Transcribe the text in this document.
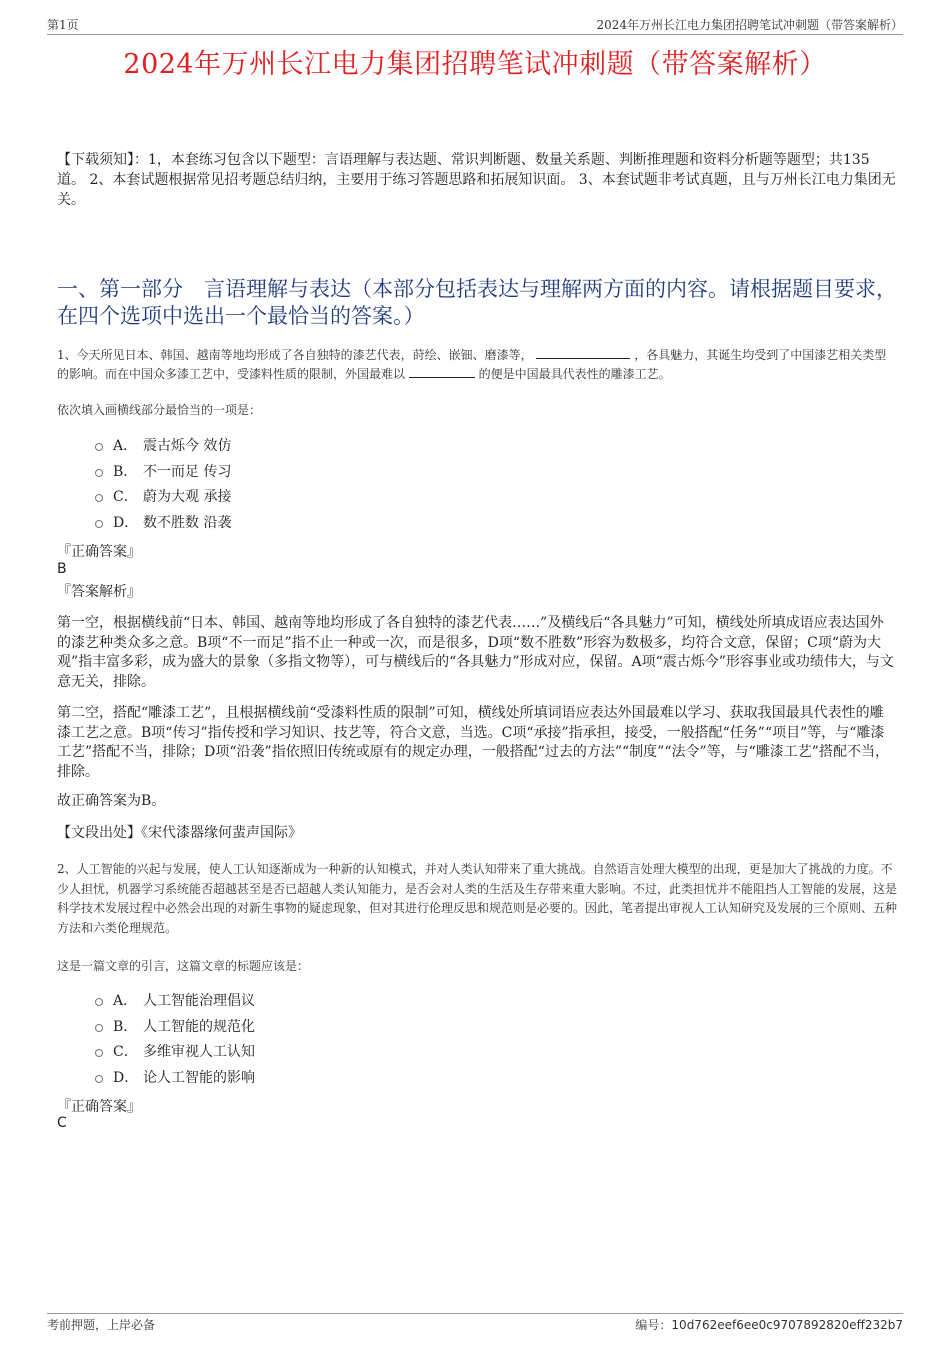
第1页	2024年万州长江电力集团招聘笔试冲刺题（带答案解析）
2024年万州长江电力集团招聘笔试冲刺题（带答案解析）
【下载须知】：1，本套练习包含以下题型：言语理解与表达题、常识判断题、数量关系题、判断推理题和资料分析题等题型；共135道。 2、本套试题根据常见招考题总结归纳，主要用于练习答题思路和拓展知识面。 3、本套试题非考试真题，且与万州长江电力集团无关。
一、第一部分　言语理解与表达（本部分包括表达与理解两方面的内容。请根据题目要求，在四个选项中选出一个最恰当的答案。）
1、今天所见日本、韩国、越南等地均形成了各自独特的漆艺代表，莳绘、嵌钿、磨漆等，	，各具魅力，其诞生均受到了中国漆艺相关类型的影响。而在中国众多漆工艺中，受漆料性质的限制，外国最难以	的便是中国最具代表性的雕漆工艺。
依次填入画横线部分最恰当的一项是：
A． 震古烁今 效仿
B． 不一而足 传习
C． 蔚为大观 承接
D． 数不胜数 沿袭
『正确答案』
B
『答案解析』
第一空，根据横线前“日本、韩国、越南等地均形成了各自独特的漆艺代表……”及横线后“各具魅力”可知，横线处所填成语应表达国外的漆艺种类众多之意。B项“不一而足”指不止一种或一次，而是很多，D项“数不胜数”形容为数极多，均符合文意，保留；C项“蔚为大观”指丰富多彩，成为盛大的景象（多指文物等），可与横线后的“各具魅力”形成对应，保留。A项“震古烁今”形容事业或功绩伟大，与文意无关，排除。
第二空，搭配“雕漆工艺”，且根据横线前“受漆料性质的限制”可知，横线处所填词语应表达外国最难以学习、获取我国最具代表性的雕漆工艺之意。B项“传习”指传授和学习知识、技艺等，符合文意，当选。C项“承接”指承担，接受，一般搭配“任务”“项目”等，与“雕漆工艺”搭配不当，排除；D项“沿袭”指依照旧传统或原有的规定办理，一般搭配“过去的方法”“制度”“法令”等，与“雕漆工艺”搭配不当，排除。
故正确答案为B。
【文段出处】《宋代漆器缘何蜚声国际》
2、人工智能的兴起与发展，使人工认知逐渐成为一种新的认知模式，并对人类认知带来了重大挑战。自然语言处理大模型的出现，更是加大了挑战的力度。不少人担忧，机器学习系统能否超越甚至是否已超越人类认知能力，是否会对人类的生活及生存带来重大影响。不过，此类担忧并不能阻挡人工智能的发展，这是科学技术发展过程中必然会出现的对新生事物的疑虑现象，但对其进行伦理反思和规范则是必要的。因此，笔者提出审视人工认知研究及发展的三个原则、五种方法和六类伦理规范。
这是一篇文章的引言，这篇文章的标题应该是：
A． 人工智能治理倡议
B． 人工智能的规范化
C． 多维审视人工认知
D． 论人工智能的影响
『正确答案』
C
考前押题，上岸必备	编号：10d762eef6ee0c9707892820eff232b7
